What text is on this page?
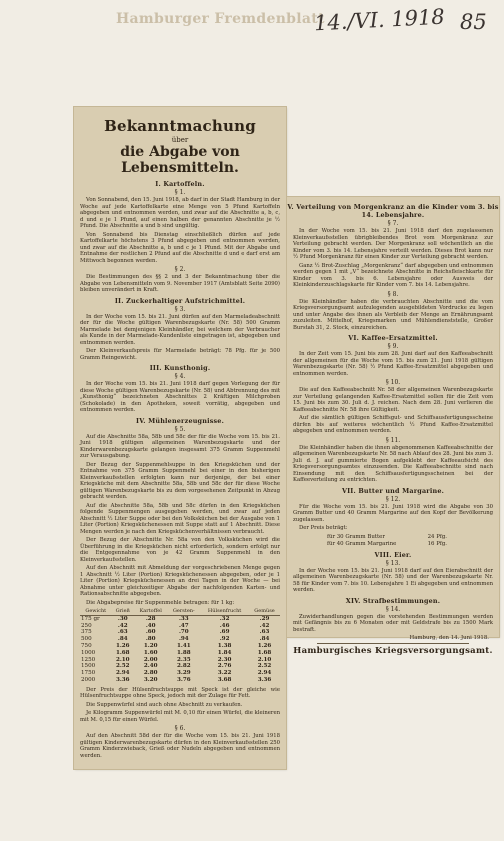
Hamburger Fremdenblatt
14./VI. 1918 85
Bekanntmachung
über
die Abgabe von Lebensmitteln.
I. Kartoffeln.
§ 1.
Von Sonnabend, den 15. Juni 1918, ab darf in der Stadt Hamburg in der Woche auf jede Kartoffelkarte eine Menge von 5 Pfund Kartoffeln abgegeben und entnommen werden, und zwar auf die Abschnitte a, b, c, d und e je 1 Pfund, auf einen halben der genannten Abschnitte je ½ Pfund. Die Abschnitte a und b sind ungültig.
Von Sonnabend bis Dienstag einschließlich dürfen auf jede Kartoffelkarte höchstens 3 Pfund abgegeben und entnommen werden, und zwar auf die Abschnitte a, b und c je 1 Pfund. Mit der Abgabe und Entnahme der restlichen 2 Pfund auf die Abschnitte d und e darf erst am Mittwoch begonnen werden.
§ 2.
Die Bestimmungen des §§ 2 und 3 der Bekanntmachung über die Abgabe von Lebensmitteln vom 9. November 1917 (Amtsblatt Seite 2090) bleiben unverändert in Kraft.
II. Zuckerhaltiger Aufstrichmittel.
§ 3.
In der Woche vom 15. bis 21. Juni dürfen auf den Marmeladeabschnitt der für die Woche gültigen Warenbezugskarte (Nr. 58) 500 Gramm Marmelade bei demjenigen Kleinhändler, bei welchem der Verbraucher als Kunde in der Marmelade-Kundenliste eingetragen ist, abgegeben und entnommen werden.
Der Kleinverkaufspreis für Marmelade beträgt: 78 Pfg. für je 500 Gramm Reingewicht.
III. Kunsthonig.
§ 4.
In der Woche vom 15. bis 21. Juni 1918 darf gegen Vorlegung der für diese Woche gültigen Warenbezugskarte (Nr. 58) und Abtrennung des mit „Kunsthonig“ bezeichneten Abschnittes 2 Kräftigen Milchproben (Schokolade) in den Apotheken, soweit vorrätig, abgegeben und entnommen werden.
IV. Mühlenerzeugnisse.
§ 5.
Auf die Abschnitte 58a, 58b und 58c der für die Woche vom 15. bis 21. Juni 1918 gültigen allgemeinen Warenbezugskarte und der Kinderwarenbezugskarte gelangen insgesamt 375 Gramm Suppenmehl zur Verausgabung.
Der Bezug der Suppenmehlsuppe in den Kriegsküchen und der Entnahme von 375 Gramm Suppenmehl bei einer in den bisherigen Kleinverkaufsstellen erfolgten kann nur derjenige, der bei einer Kriegsküche mit dem Abschnitte 58a, 58b und 58c der für diese Woche gültigen Warenbezugskarte bis zu dem vorgesehenen Zeitpunkt in Abzug gebracht werden.
Auf die Abschnitte 58a, 58b und 58c dürfen in den Kriegsküchen folgende Suppenmengen ausgegeben werden, und zwar auf jeden Abschnitt ½ Liter Suppe oder bei den Volksküchen bei der Ausgabe von 1 Liter (Portion) Kriegsküchenessen mit Suppe statt auf 1 Abschnitt. Diese Mengen werden je nach den Kriegsküchenverhältnissen verbraucht.
Der Bezug der Abschnitte Nr. 58a von den Volksküchen wird die Überführung in die Kriegsküchen nicht erforderlich, sondern erfolgt nur die Entgegennahme von je 42 Gramm Suppenmehl in den Kleinverkaufsstellen.
Auf den Abschnitt mit Abmeldung der vorgeschriebenen Menge gegen 1 Abschnitt ½ Liter (Portion) Kriegsküchenessen abgegeben, oder je 1 Liter (Portion) Kriegsküchenessen an drei Tagen in der Woche — bei Abnahme unter gleichzeitiger Abgabe der nachfolgenden Karten- und Rationsabschnitte abgegeben.
Die Abgabepreise für Suppenmehle betragen: für 1 kg:
Gewicht	Grieß	Kartoffel	Gersten-	Hülsenfrucht	Gemüse
175 gr	.30	.28	.33	.32	.29
250	.42	.40	.47	.46	.42
375	.63	.60	.70	.69	.63
500	.84	.80	.94	.92	.84
750	1.26	1.20	1.41	1.38	1.26
1000	1.68	1.60	1.88	1.84	1.68
1250	2.10	2.00	2.35	2.30	2.10
1500	2.52	2.40	2.82	2.76	2.52
1750	2.94	2.80	3.29	3.22	2.94
2000	3.36	3.20	3.76	3.68	3.36
Der Preis der Hülsenfruchtsuppe mit Speck ist der gleiche wie Hülsenfruchtsuppe ohne Speck, jedoch mit der Zulage für Fett.
Die Suppenwürfel sind auch ohne Abschnitt zu verkaufen.
Je Kilogramm Suppenwürfel mit M. 0,10 für einen Würfel, die kleineren mit M. 0,15 für einen Würfel.
§ 6.
Auf den Abschnitt 58d der für die Woche vom 15. bis 21. Juni 1918 gültigen Kinderwarenbezugskarte dürfen in den Kleinverkaufsstellen 250 Gramm Kinderzwieback, Grieß oder Nudeln abgegeben und entnommen werden.
V. Verteilung von Morgenkranz an die Kinder vom 3. bis 14. Lebensjahre.
§ 7.
In der Woche vom 15. bis 21. Juni 1918 darf den zugelassenen Kleinverkaufsstellen übrigbleibendes Brot vom Morgenkranz zur Verteilung gebracht werden. Der Morgenkranz soll wöchentlich an die Kinder vom 3. bis 14. Lebensjahre verteilt werden. Dieses Brot kann nur ½ Pfund Morgenkranz für einen Kinder zur Verteilung gebracht werden.
Ganz ½ Brot-Zuschlag „Morgenkranz“ darf abgegeben und entnommen werden gegen 1 mit „V“ bezeichnete Abschnitte in Reichsfleischkarte für Kinder vom 3. bis 6. Lebensjahre oder Ausweis der Kleinkinderzuschlagskarte für Kinder vom 7. bis 14. Lebensjahre.
§ 8.
Die Kleinhändler haben die verbrauchten Abschnitte und die vom Kriegsversorgungsamt aufzulegenden ausgebildeten Vordrucke zu legen und unter Angabe des ihnen als Verbleib der Menge an Ernährungsamt zuzuleiten. Mittelhof, Kriegsmarken und Mühlendienststelle, Großer Burstah 31, 2. Stock, einzureichen.
VI. Kaffee-Ersatzmittel.
§ 9.
In der Zeit vom 15. Juni bis zum 28. Juni darf auf den Kaffeeabschnitt der allgemeinen für die Woche vom 15. bis zum 21. Juni 1918 gültigen Warenbezugskarte (Nr. 58) ½ Pfund Kaffee-Ersatzmittel abgegeben und entnommen werden.
§ 10.
Die auf den Kaffeeabschnitt Nr. 58 der allgemeinen Warenbezugskarte zur Verteilung gelangenden Kaffee-Ersatzmittel sollen für die Zeit vom 15. Juni bis zum 30. Juli d. J. reichen. Nach dem 28. Juni verlieren die Kaffeeabschnitte Nr. 58 ihre Gültigkeit.
Auf die sämtlich gültigen Schiffsgut- und Schiffsausfertigungsscheine dürfen bis auf weiteres wöchentlich ½ Pfund Kaffee-Ersatzmittel abgegeben und entnommen werden.
§ 11.
Die Kleinhändler haben die ihnen abgenommenen Kaffeeabschnitte der allgemeinen Warenbezugskarte Nr. 58 nach Ablauf des 28. Juni bis zum 3. Juli d. J. auf gummierte Bogen aufgeklebt der Kaffeeaufsicht des Kriegsversorgungsamtes einzusenden. Die Kaffeeabschnitte sind nach Einsendung mit den Schiffsausfertigungsscheinen bei der Kaffeeverteilung zu entrichten.
VII. Butter und Margarine.
§ 12.
Für die Woche vom 15. bis 21. Juni 1918 wird die Abgabe von 30 Gramm Butter und 40 Gramm Margarine auf den Kopf der Bevölkerung zugelassen.
Der Preis beträgt:
für 30 Gramm Butter	24 Pfg.
für 40 Gramm Margarine	16 Pfg.
VIII. Eier.
§ 13.
In der Woche vom 15. bis 21. Juni 1918 darf auf den Eierabschnitt der allgemeinen Warenbezugskarte (Nr. 58) und der Warenbezugskarte Nr. 58 für Kinder vom 7. bis 10. Lebensjahre 1 Ei abgegeben und entnommen werden.
XIV. Strafbestimmungen.
§ 14.
Zuwiderhandlungen gegen die vorstehenden Bestimmungen werden mit Gefängnis bis zu 6 Monaten oder mit Geldstrafe bis zu 1500 Mark bestraft.
Hamburg, den 14. Juni 1918.
Hamburgisches Kriegsversorgungsamt.
